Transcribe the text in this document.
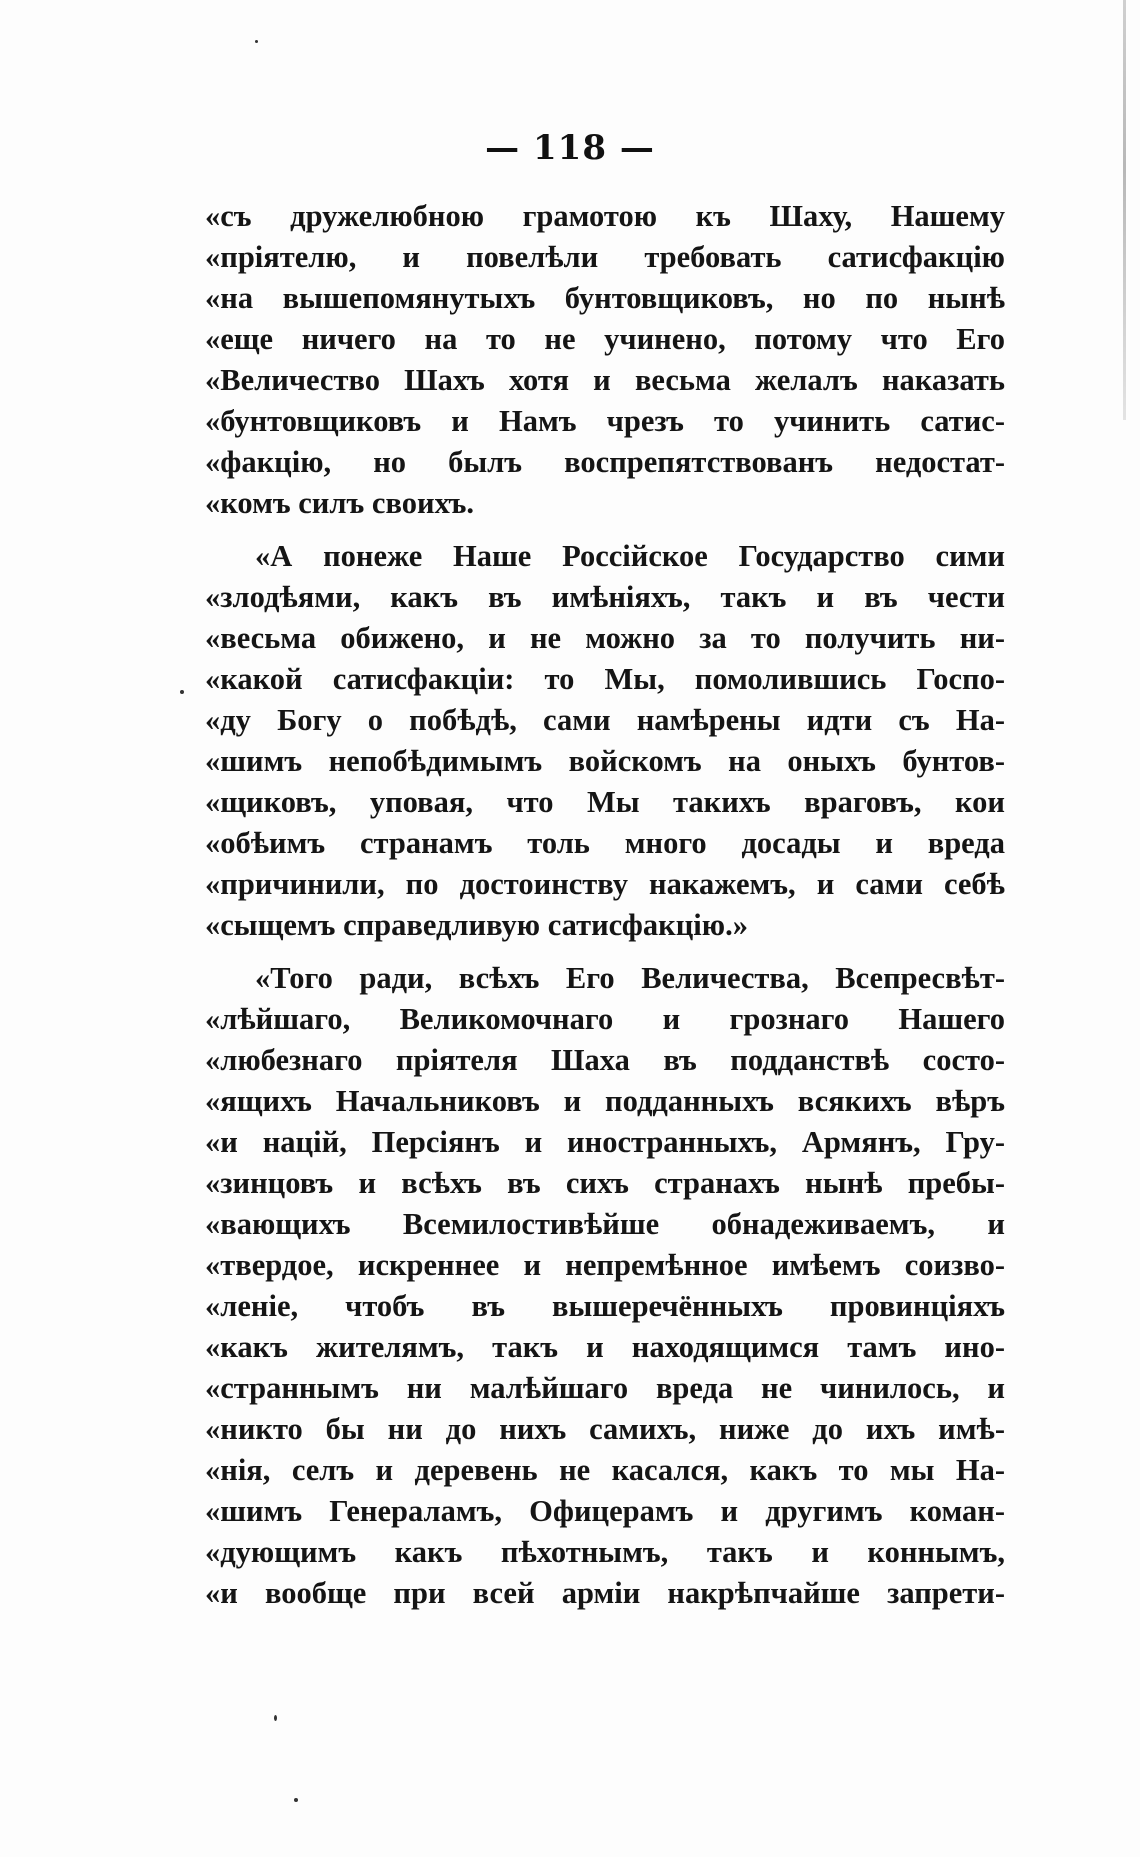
— 118 —
«съ дружелюбною грамотою къ Шаху, Нашему
«пріятелю, и повелѣли требовать сатисфакцію
«на вышепомянутыхъ бунтовщиковъ, но по нынѣ
«еще ничего на то не учинено, потому что Его
«Величество Шахъ хотя и весьма желалъ наказать
«бунтовщиковъ и Намъ чрезъ то учинить сатис-
«факцію, но былъ воспрепятствованъ недостат-
«комъ силъ своихъ.
«А понеже Наше Россійское Государство сими
«злодѣями, какъ въ имѣніяхъ, такъ и въ чести
«весьма обижено, и не можно за то получить ни-
«какой сатисфакціи: то Мы, помолившись Госпо-
«ду Богу о побѣдѣ, сами намѣрены идти съ На-
«шимъ непобѣдимымъ войскомъ на оныхъ бунтов-
«щиковъ, уповая, что Мы такихъ враговъ, кои
«обѣимъ странамъ толь много досады и вреда
«причинили, по достоинству накажемъ, и сами себѣ
«сыщемъ справедливую сатисфакцію.»
«Того ради, всѣхъ Его Величества, Всепресвѣт-
«лѣйшаго, Великомочнаго и грознаго Нашего
«любезнаго пріятеля Шаха въ подданствѣ состо-
«ящихъ Начальниковъ и подданныхъ всякихъ вѣръ
«и націй, Персіянъ и иностранныхъ, Армянъ, Гру-
«зинцовъ и всѣхъ въ сихъ странахъ нынѣ пребы-
«вающихъ Всемилостивѣйше обнадеживаемъ, и
«твердое, искреннее и непремѣнное имѣемъ соизво-
«леніе, чтобъ въ вышеречённыхъ провинціяхъ
«какъ жителямъ, такъ и находящимся тамъ ино-
«страннымъ ни малѣйшаго вреда не чинилось, и
«никто бы ни до нихъ самихъ, ниже до ихъ имѣ-
«нія, селъ и деревень не касался, какъ то мы На-
«шимъ Генераламъ, Офицерамъ и другимъ коман-
«дующимъ какъ пѣхотнымъ, такъ и коннымъ,
«и вообще при всей арміи накрѣпчайше запрети-
